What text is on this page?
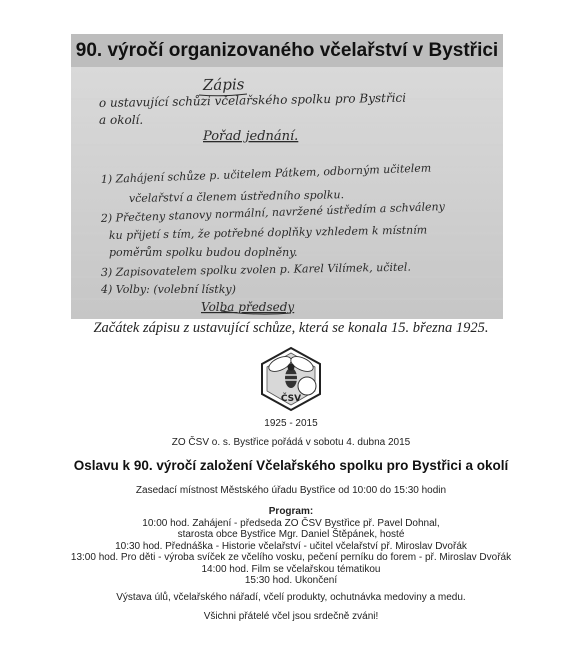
90. výročí organizovaného včelařství v Bystřici
Zápis
o ustavující schůzi včelařského spolku pro Bystřici
a okolí.
Pořad jednání.
1) Zahájení schůze p. učitelem Pátkem, odborným učitelem
včelařství a členem ústředního spolku.
2) Přečteny stanovy normální, navržené ústředím a schváleny
ku přijetí s tím, že potřebné doplňky vzhledem k místním
poměrům spolku budou doplněny.
3) Zapisovatelem spolku zvolen p. Karel Vilímek, učitel.
4) Volby: (volební lístky)
Volba předsedy
Začátek zápisu z ustavující schůze, která se konala 15. března 1925.
ČSV
1925 - 2015
ZO ČSV o. s. Bystřice pořádá v sobotu 4. dubna 2015
Oslavu k 90. výročí založení Včelařského spolku pro Bystřici a okolí
Zasedací místnost Městského úřadu Bystřice od 10:00 do 15:30 hodin
Program:
10:00 hod. Zahájení - předseda ZO ČSV Bystřice př. Pavel Dohnal,
starosta obce Bystřice Mgr. Daniel Štěpánek, hosté
10:30 hod. Přednáška - Historie včelařství - učitel včelařství př. Miroslav Dvořák
13:00 hod. Pro děti - výroba svíček ze včelího vosku, pečení perníku do forem - př. Miroslav Dvořák
14:00 hod. Film se včelařskou tématikou
15:30 hod. Ukončení
Výstava úlů, včelařského nářadí, včelí produkty, ochutnávka medoviny a medu.
Všichni přátelé včel jsou srdečně zváni!
